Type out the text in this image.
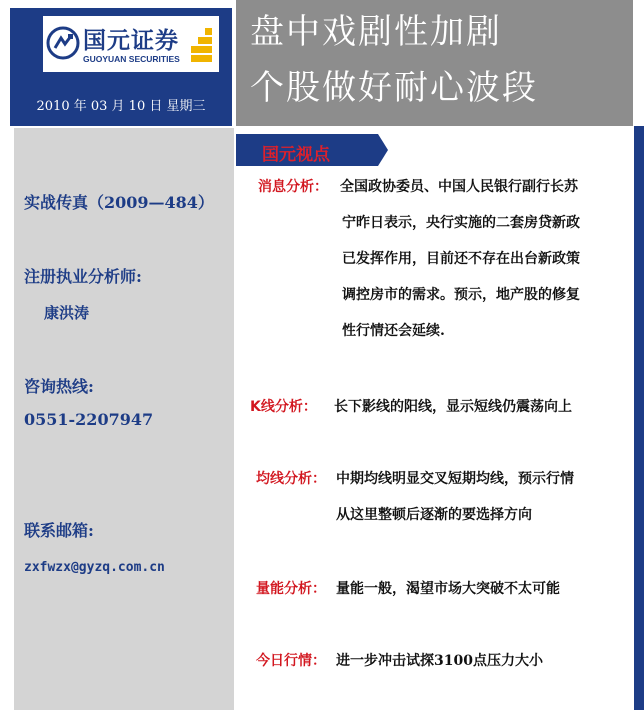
国元证券
GUOYUAN SECURITIES
2010 年 03 月 10 日 星期三
盘中戏剧性加剧
个股做好耐心波段
实战传真（2009—484）
注册执业分析师:
康洪涛
咨询热线:
0551-2207947
联系邮箱:
zxfwzx@gyzq.com.cn
国元视点
消息分析： 全国政协委员、中国人民银行副行长苏
宁昨日表示，央行实施的二套房贷新政
已发挥作用，目前还不存在出台新政策
调控房市的需求。预示，地产股的修复
性行情还会延续.
K线分析： 长下影线的阳线，显示短线仍震荡向上
均线分析： 中期均线明显交叉短期均线，预示行情
从这里整顿后逐渐的要选择方向
量能分析： 量能一般，渴望市场大突破不太可能
今日行情： 进一步冲击试探3100点压力大小
